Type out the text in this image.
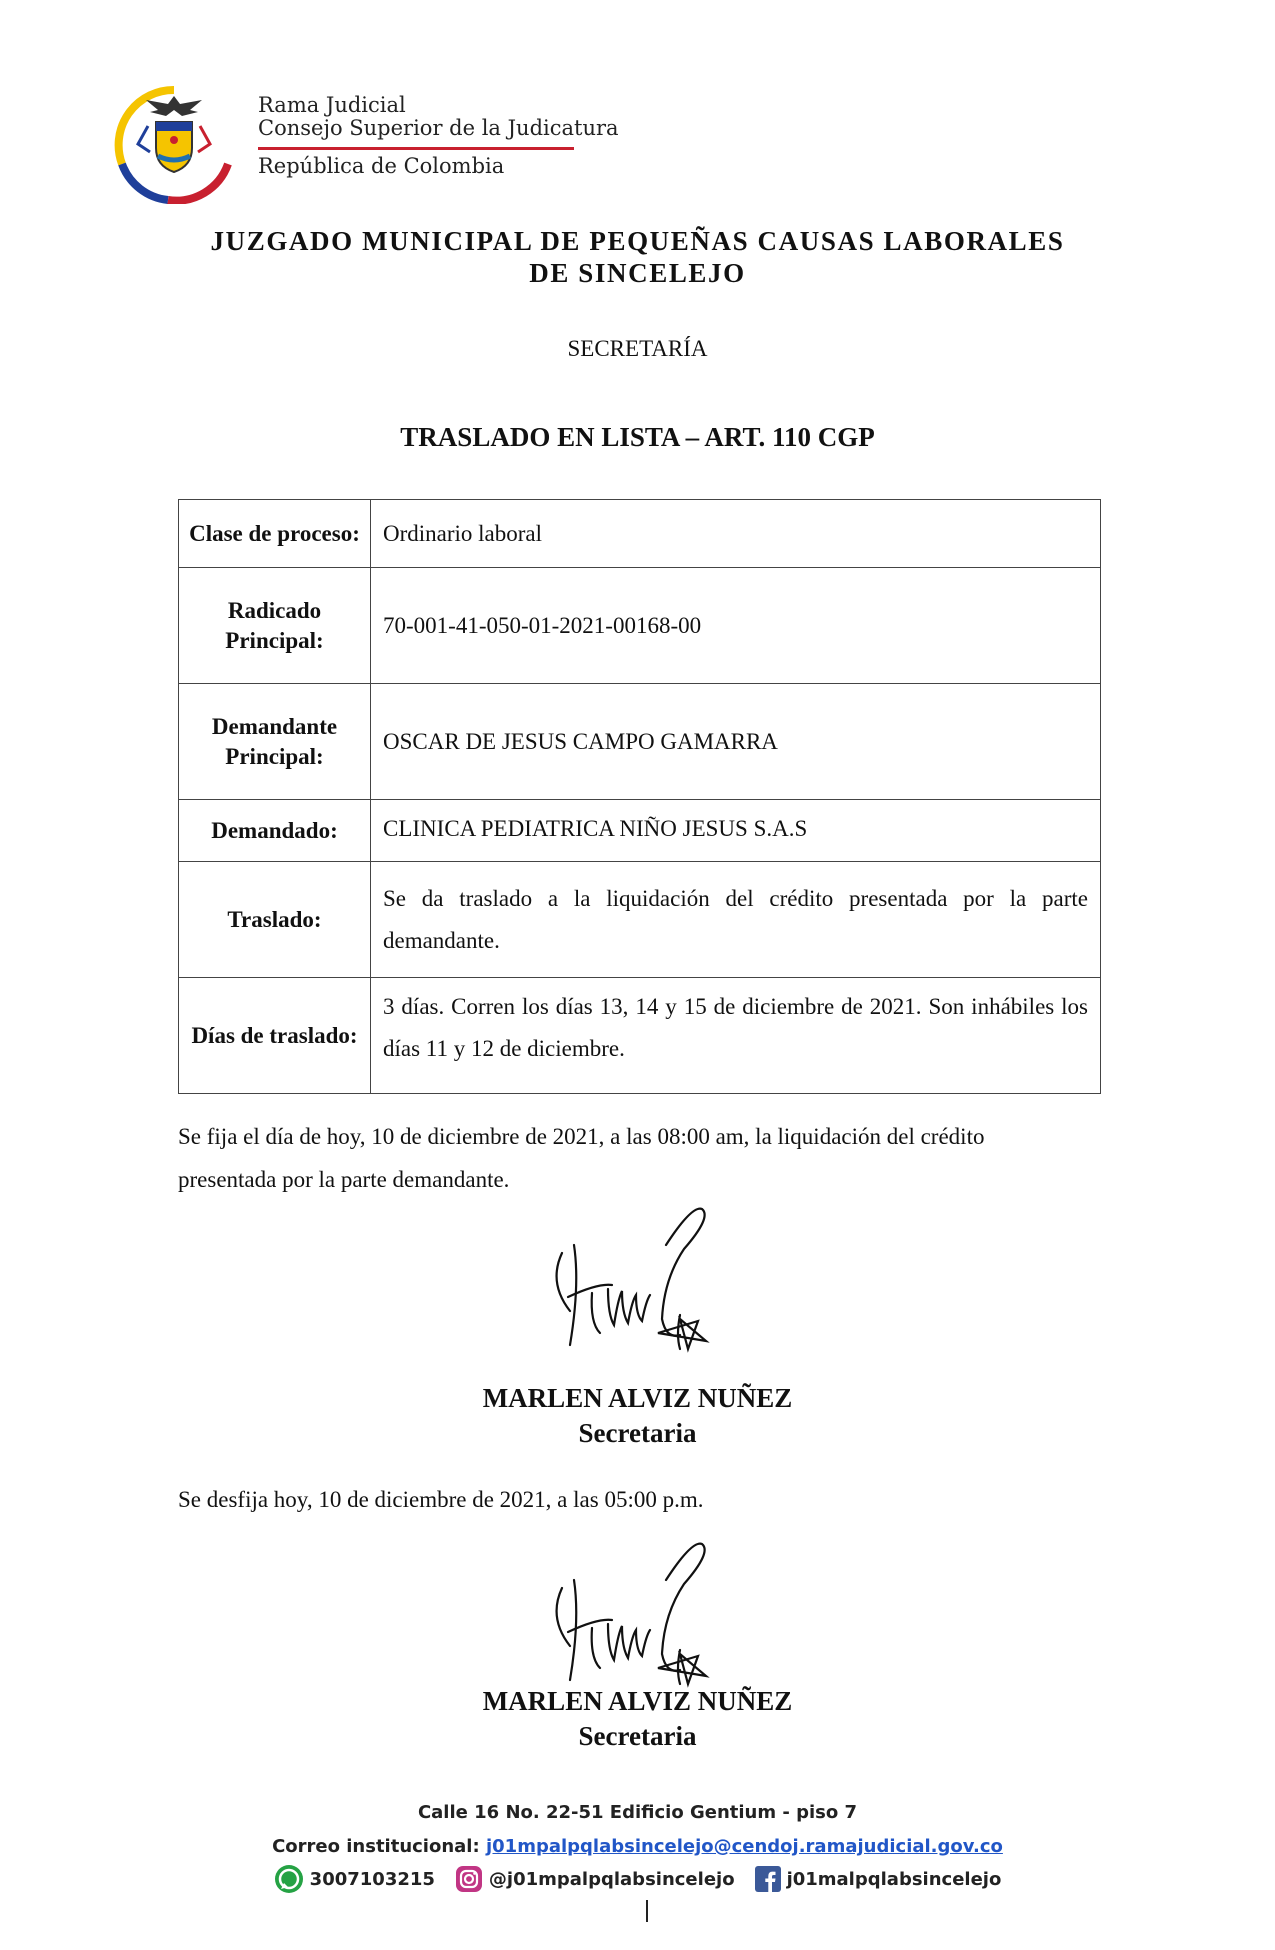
Rama Judicial
Consejo Superior de la Judicatura
República de Colombia
JUZGADO MUNICIPAL DE PEQUEÑAS CAUSAS LABORALES
DE SINCELEJO
SECRETARÍA
TRASLADO EN LISTA – ART. 110 CGP
Clase de proceso:	Ordinario laboral
Radicado Principal:	70-001-41-050-01-2021-00168-00
Demandante Principal:	OSCAR DE JESUS CAMPO GAMARRA
Demandado:	CLINICA PEDIATRICA NIÑO JESUS S.A.S
Traslado:	Se da traslado a la liquidación del crédito presentada por la parte demandante.
Días de traslado:	3 días. Corren los días 13, 14 y 15 de diciembre de 2021. Son inhábiles los días 11 y 12 de diciembre.
Se fija el día de hoy, 10 de diciembre de 2021, a las 08:00 am, la liquidación del crédito presentada por la parte demandante.
MARLEN ALVIZ NUÑEZ
Secretaria
Se desfija hoy, 10 de diciembre de 2021, a las 05:00 p.m.
MARLEN ALVIZ NUÑEZ
Secretaria
Calle 16 No. 22-51 Edificio Gentium - piso 7
Correo institucional: j01mpalpqlabsincelejo@cendoj.ramajudicial.gov.co
3007103215	@j01mpalpqlabsincelejo	j01malpqlabsincelejo
